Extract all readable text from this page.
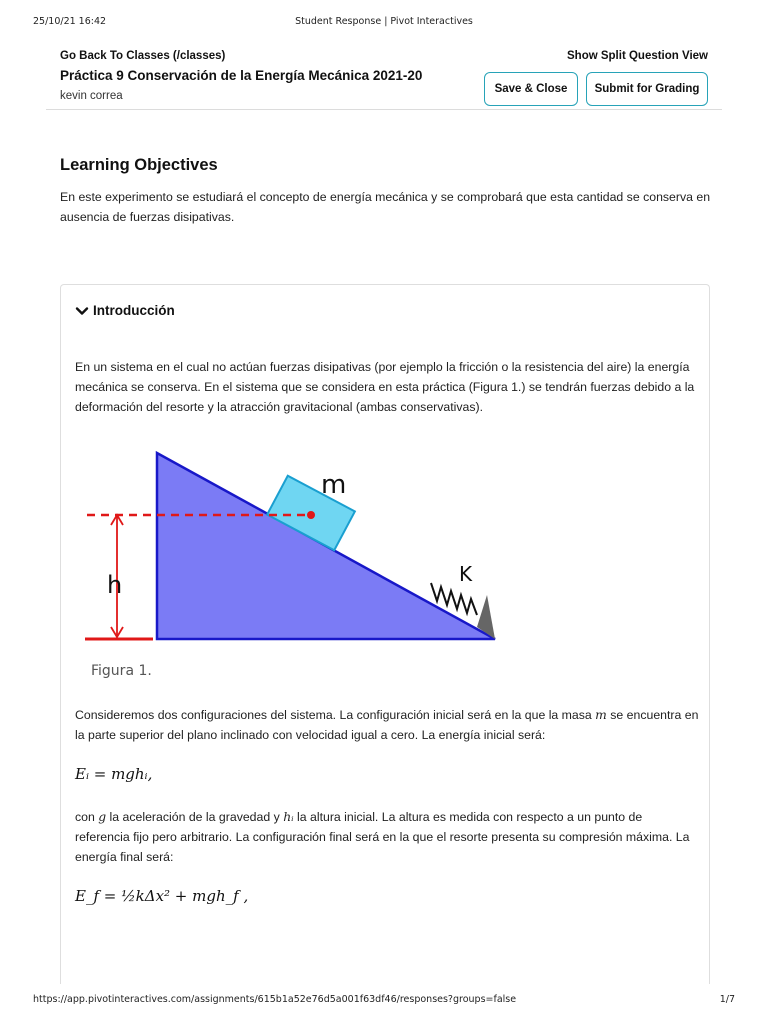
25/10/21 16:42	Student Response | Pivot Interactives
Go Back To Classes (/classes)
Práctica 9 Conservación de la Energía Mecánica 2021-20
kevin correa
Show Split Question View
Save & Close	Submit for Grading
Learning Objectives

En este experimento se estudiará el concepto de energía mecánica y se comprobará que esta cantidad se conserva en ausencia de fuerzas disipativas.

Introducción

En un sistema en el cual no actúan fuerzas disipativas (por ejemplo la fricción o la resistencia del aire) la energía mecánica se conserva. En el sistema que se considera en esta práctica (Figura 1.) se tendrán fuerzas debido a la deformación del resorte y la atracción gravitacional (ambas conservativas).

m
h	K
Figura 1.

Consideremos dos configuraciones del sistema. La configuración inicial será en la que la masa m se encuentra en la parte superior del plano inclinado con velocidad igual a cero. La energía inicial será:

Eᵢ = mghᵢ,

con g la aceleración de la gravedad y hᵢ la altura inicial. La altura es medida con respecto a un punto de referencia fijo pero arbitrario. La configuración final será en la que el resorte presenta su compresión máxima. La energía final será:

E_f = ½kΔx² + mgh_f ,
https://app.pivotinteractives.com/assignments/615b1a52e76d5a001f63df46/responses?groups=false	1/7
